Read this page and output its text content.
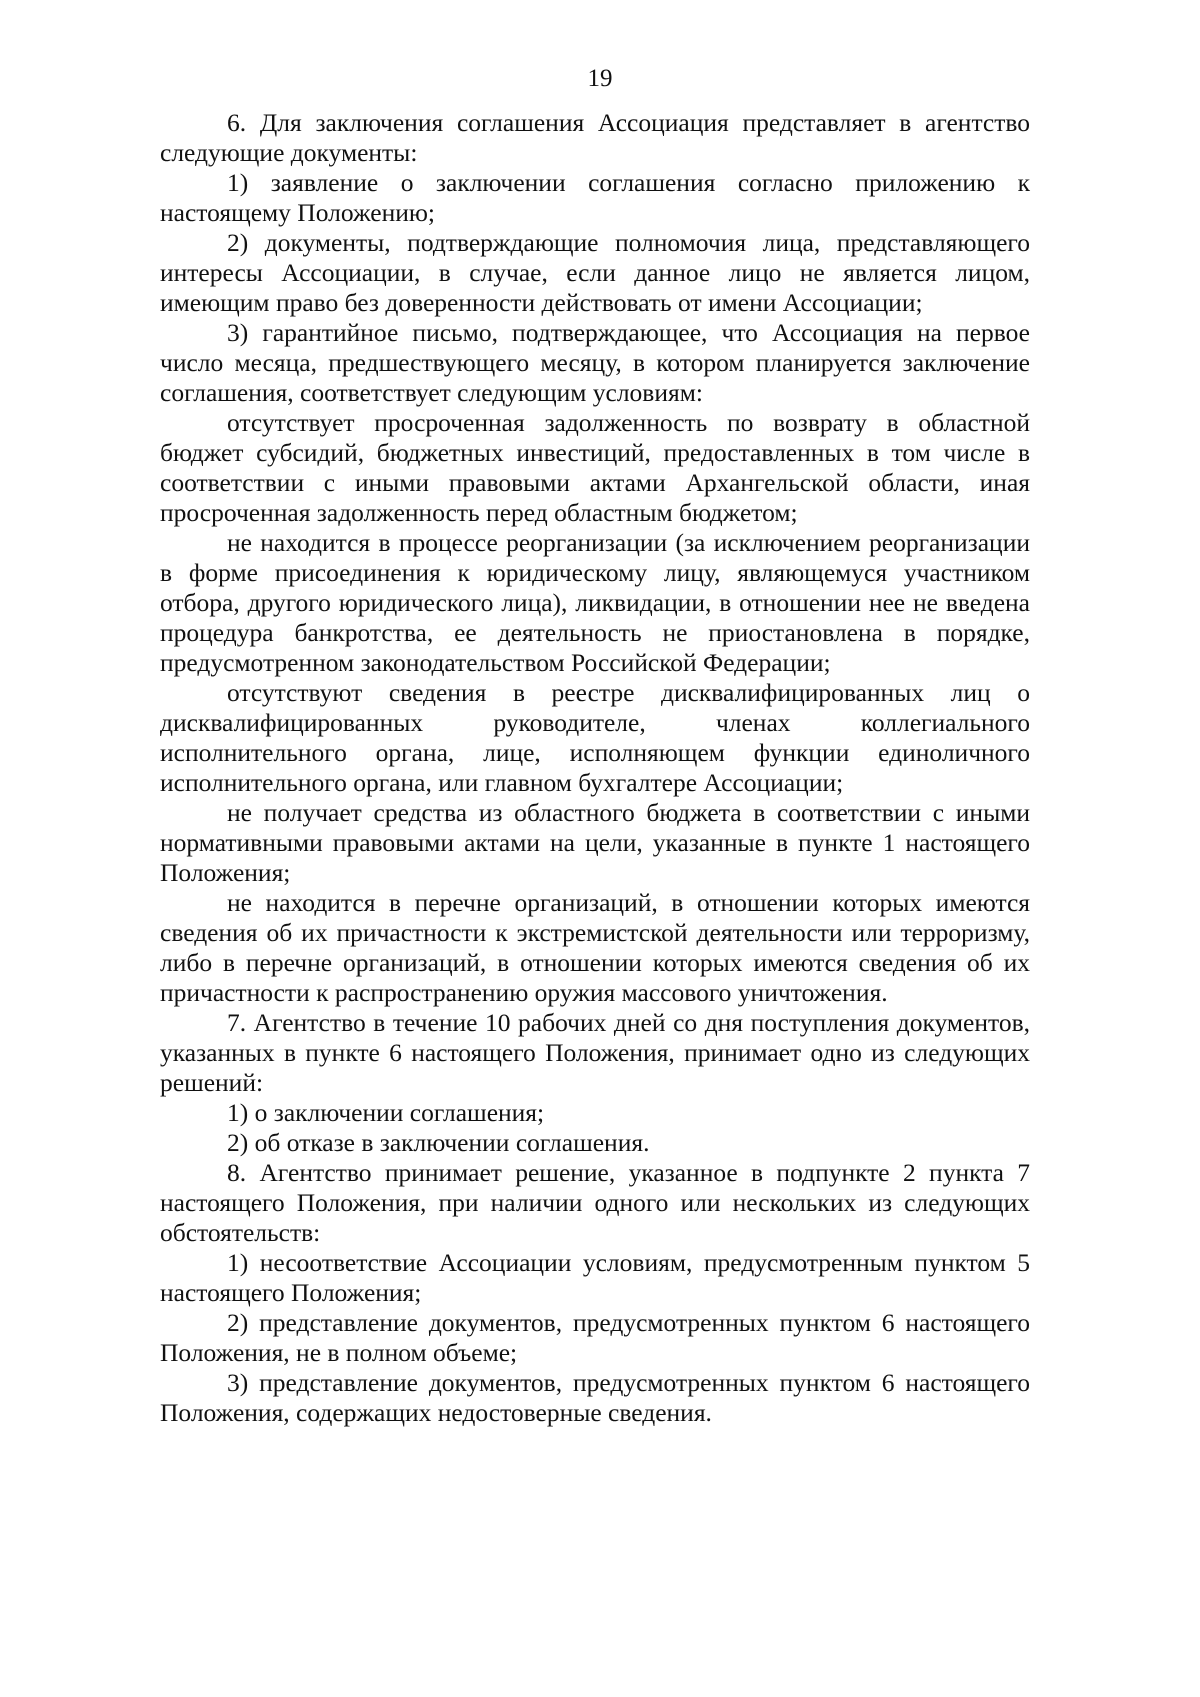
19

6. Для заключения соглашения Ассоциация представляет в агентство следующие документы:

1) заявление о заключении соглашения согласно приложению к настоящему Положению;

2) документы, подтверждающие полномочия лица, представляющего интересы Ассоциации, в случае, если данное лицо не является лицом, имеющим право без доверенности действовать от имени Ассоциации;

3) гарантийное письмо, подтверждающее, что Ассоциация на первое число месяца, предшествующего месяцу, в котором планируется заключение соглашения, соответствует следующим условиям:

отсутствует просроченная задолженность по возврату в областной бюджет субсидий, бюджетных инвестиций, предоставленных в том числе в соответствии с иными правовыми актами Архангельской области, иная просроченная задолженность перед областным бюджетом;

не находится в процессе реорганизации (за исключением реорганизации в форме присоединения к юридическому лицу, являющемуся участником отбора, другого юридического лица), ликвидации, в отношении нее не введена процедура банкротства, ее деятельность не приостановлена в порядке, предусмотренном законодательством Российской Федерации;

отсутствуют сведения в реестре дисквалифицированных лиц о дисквалифицированных руководителе, членах коллегиального исполнительного органа, лице, исполняющем функции единоличного исполнительного органа, или главном бухгалтере Ассоциации;

не получает средства из областного бюджета в соответствии с иными нормативными правовыми актами на цели, указанные в пункте 1 настоящего Положения;

не находится в перечне организаций, в отношении которых имеются сведения об их причастности к экстремистской деятельности или терроризму, либо в перечне организаций, в отношении которых имеются сведения об их причастности к распространению оружия массового уничтожения.

7. Агентство в течение 10 рабочих дней со дня поступления документов, указанных в пункте 6 настоящего Положения, принимает одно из следующих решений:

1) о заключении соглашения;

2) об отказе в заключении соглашения.

8. Агентство принимает решение, указанное в подпункте 2 пункта 7 настоящего Положения, при наличии одного или нескольких из следующих обстоятельств:

1) несоответствие Ассоциации условиям, предусмотренным пунктом 5 настоящего Положения;

2) представление документов, предусмотренных пунктом 6 настоящего Положения, не в полном объеме;

3) представление документов, предусмотренных пунктом 6 настоящего Положения, содержащих недостоверные сведения.
